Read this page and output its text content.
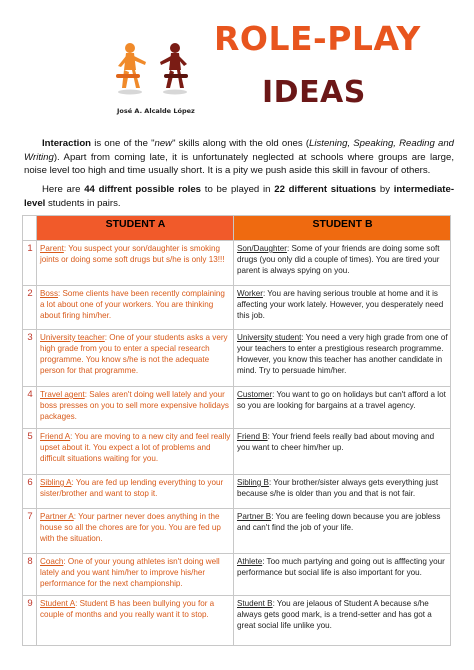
José A. Alcalde López
ROLE-PLAY
IDEAS

Interaction is one of the "new" skills along with the old ones (Listening, Speaking, Reading and Writing). Apart from coming late, it is unfortunately neglected at schools where groups are large, noise level too high and time usually short. It is a pity we push aside this skill in favour of others.

Here are 44 diffrent possible roles to be played in 22 different situations by intermediate-level students in pairs.

	STUDENT A	STUDENT B
1	Parent: You suspect your son/daughter is smoking joints or doing some soft drugs but s/he is only 13!!!	Son/Daughter: Some of your friends are doing some soft drugs (you only did a couple of times). You are tired your parent is always spying on you.
2	Boss: Some clients have been recently complaining a lot about one of your workers. You are thinking about firing him/her.	Worker: You are having serious trouble at home and it is affecting your work lately. However, you desperately need this job.
3	University teacher: One of your students asks a very high grade from you to enter a special research programme. You know s/he is not the adequate person for that programme.	University student: You need a very high grade from one of your teachers to enter a prestigious research programme. However, you know this teacher has another candidate in mind. Try to persuade him/her.
4	Travel agent: Sales aren't doing well lately and your boss presses on you to sell more expensive holidays packages.	Customer: You want to go on holidays but can't afford a lot so you are looking for bargains at a travel agency.
5	Friend A: You are moving to a new city and feel really upset about it. You expect a lot of problems and difficult situations waiting for you.	Friend B: Your friend feels really bad about moving and you want to cheer him/her up.
6	Sibling A: You are fed up lending everything to your sister/brother and want to stop it.	Sibling B: Your brother/sister always gets everything just because s/he is older than you and that is not fair.
7	Partner A: Your partner never does anything in the house so all the chores are for you. You are fed up with the situation.	Partner B: You are feeling down because you are jobless and can't find the job of your life.
8	Coach: One of your young athletes isn't doing well lately and you want him/her to improve his/her performance for the next championship.	Athlete: Too much partying and going out is afffecting your performance but social life is also important for you.
9	Student A: Student B has been bullying you for a couple of months and you really want it to stop.	Student B: You are jelaous of Student A because s/he always gets good mark, is a trend-setter and has got a great social life unlike you.
